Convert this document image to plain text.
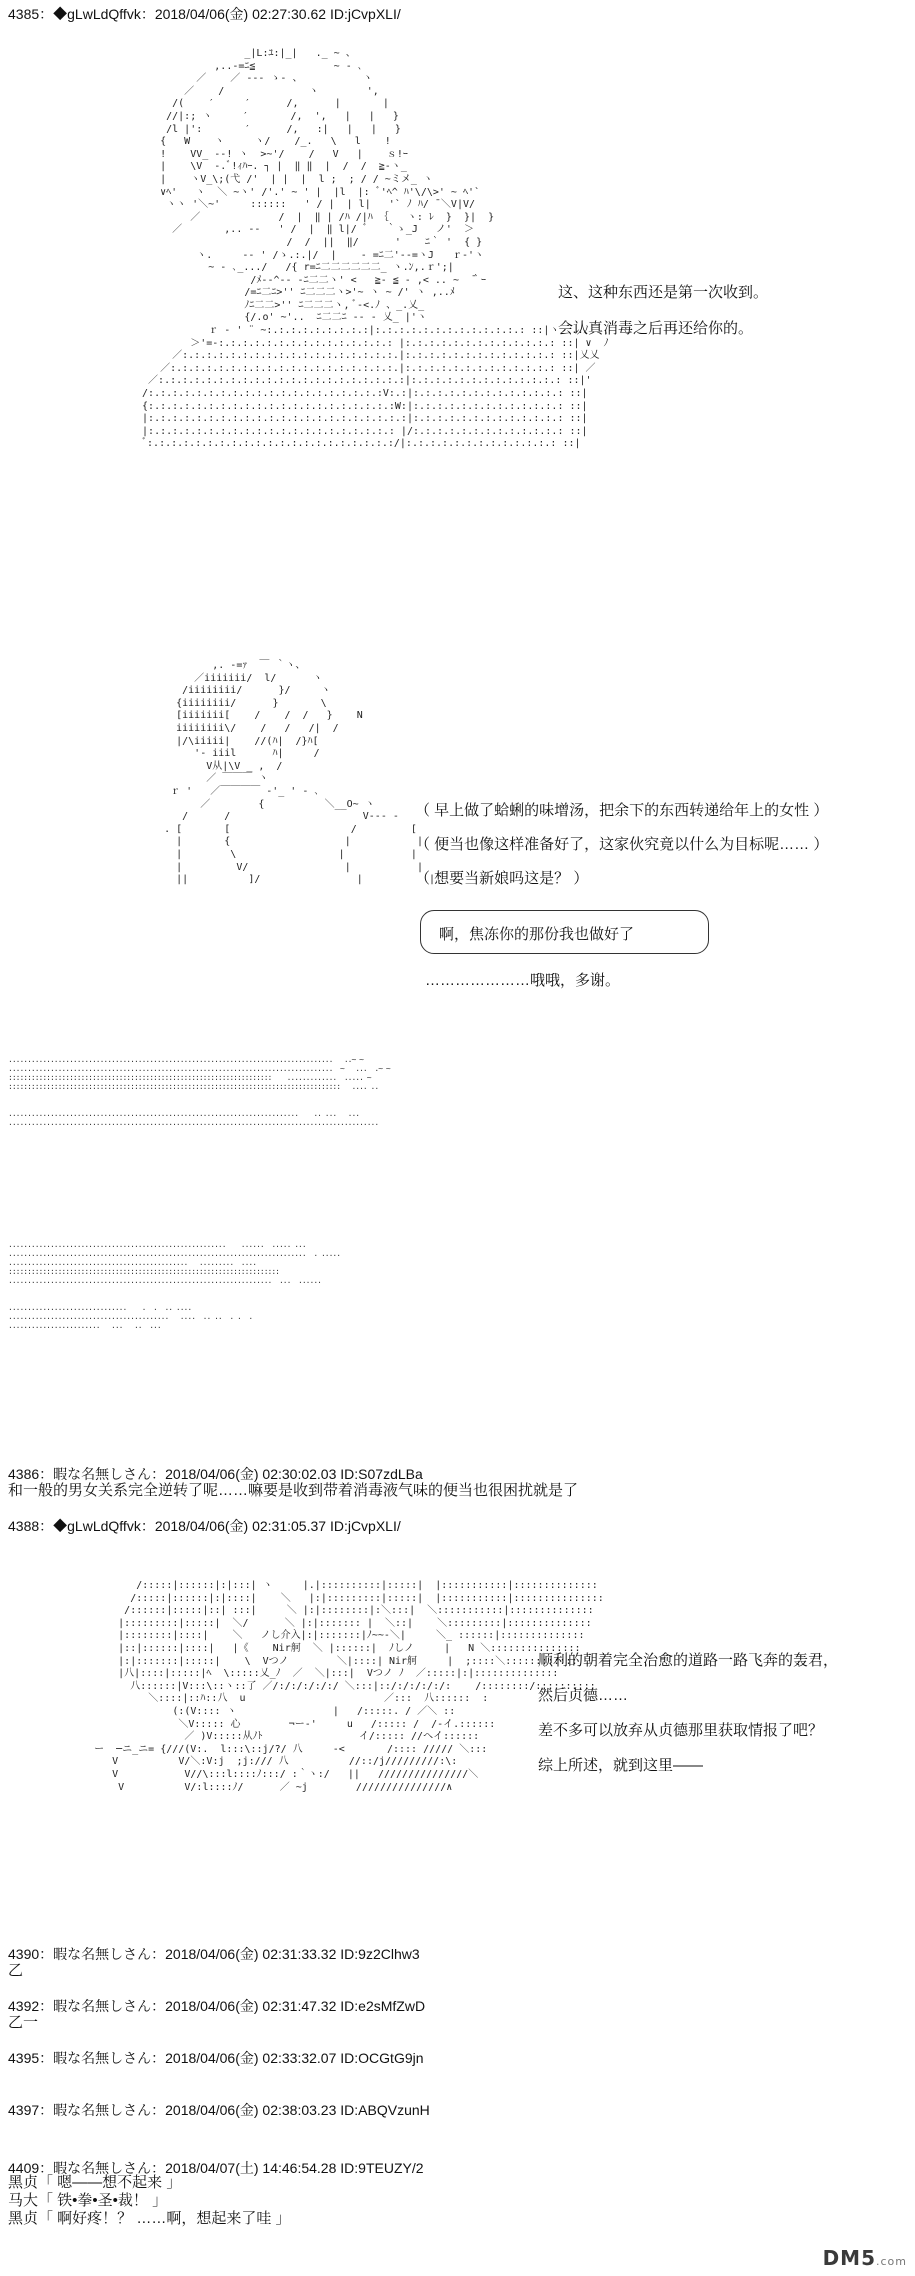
4385：◆gLwLdQffvk：2018/04/06(金) 02:27:30.62 ID:jCvpXLI/
_|L:ﾕ:|_|   ._ ~ 、
,..-=ﾆ≦             ~ ‐ ､
／    ／ ‐-‐ ゝ‐ 、          ヽ
／    /              ヽ        ',
/(    ′     ′      /,      |       |
//|:; ヽ     ′       /,  ',   |   |   }
/l |':       ′      /,   :|   |   |   }
{   W    ヽ     ヽ/    /_.   \   l    !
!    VV_ -‐! ヽ  >~'/    /   V   |    ｓ!ｰ
|    \V  ‐.ﾞ!ｨﾊｰ. ┐ |  ‖ ‖  |  /  /  ≧-ヽ_
|    ヽV_\;(弋 /'  | |  |  l ;  ; / / ~ミメ_ ヽ
∨ﾍ'   ヽ  ＼ ~ヽ' /'.' ~ ' |  |l  |: ﾞ'ﾍ^ ﾊ'\/\>' ~ ﾍ'`
ヽヽ '＼~'     ::::::   ' / |  | l|   '` ﾉ ﾊ/ ̄ ＼V|V/
／             /  |  ‖ | /ﾊ /|ﾊ ｛   ヽ: ﾚ  }  }|  }
／       ,.. -‐   ' /  |  ‖ l|/ ﾞ   ｀ゝ_J   ノ'  ＞
/  /  ||  ‖/      '    ﾆ｀ '  { }
ヽ.     -‐ ' /ゝ.:.|/  |    ‐ =ﾆ二'‐-=ヽJ   ｒ-'ヽ
~ ‐ ､_.../   /{ r=ﾆ二二二二二二_ ヽ.ﾝ,.ｒ';|
/ﾒ--^‐- -ﾆ二二ヽ' <   ≧- ≦ - ,< .. ~  ̄｀ｰ
/=ﾆ二ﾆ>'' ﾆ二二二ヽ>'~ ヽ ~ /' ヽ ,..ﾒ
ﾉﾆ二二>'' ﾆ二二二ヽ, ﾞ‐<.ﾉ 、_.乂_
{/.o' ~'..  ﾆ二二ﾆ -- - 乂_ |'ヽ
ｒ ‐ ' ¨ ~:.:.:.:.:.:.:.:.:|:.:.:.:.:.:.:.:.:.:.:.:.: ::|ヽ  ..ﾉ
＞'=-:.:.:.:.:.:.:.:.:.:.:.:.:.:.: |:.:.:.:.:.:.:.:.:.:.:.:.: ::| ∨  ﾉ
／:.:.:.:.:.:.:.:.:.:.:.:.:.:.:.:.:.:.|:.:.:.:.:.:.:.:.:.:.:.:.: ::|乂乂
／:.:.:.:.:.:.:.:.:.:.:.:.:.:.:.:.:.:.:.|:.:.:.:.:.:.:.:.:.:.:.:.: ::| ／
／:.:.:.:.:.:.:.:.:.:.:.:.:.:.:.:.:.:.:.:.:|:.:.:.:.:.:.:.:.:.:.:.:.: ::|'
/:.:.:.:.:.:.:.:.:.:.:.:.:.:.:.:.:.:.:.:V:.:|:.:.:.:.:.:.:.:.:.:.:.:.: ::|
{:.:.:.:.:.:.:.:.:.:.:.:.:.:.:.:.:.:.:.:.:W:|:.:.:.:.:.:.:.:.:.:.:.:.: ::|
|:.:.:.:.:.:.:.:.:.:.:.:.:.:.:.:.:.:.:.:.:.:|:.:.:.:.:.:.:.:.:.:.:.:.: ::|
|:.:.:.:.:.:.:.:.:.:.:.:.:.:.:.:.:.:.:.:.: |/:.:.:.:.:.:.:.:.:.:.:.:.: ::|
ﾞ:.:.:.:.:.:.:.:.:.:.:.:.:.:.:.:.:.:.:.:.:/|:.:.:.:.:.:.:.:.:.:.:.:.: ::|
这、这种东西还是第一次收到。
会认真消毒之后再还给你的。
,. -=ｧ  ￣ ｀ヽ、
／iiiiiii/  l/      ヽ
/iiiiiiii/      }/     ヽ
{iiiiiiii/      }       \
[iiiiiii[    /    /  /   }    N
iiiiiiii\/    /   /   /|  /
|/\iiiii|    //(ﾊ|  /}ﾊ[
'- iiil      ﾊ|     /
V从|\V _ ,  /
／ ￣￣￣ ヽ
ｒ '   ／￣￣￣￣ ‐'_ ' ‐ ､
／        {          ＼__O~ ヽ
/      /                      V‐‐‐ ‐
. [       [                    /         [
|       {                   |           |
|        \                 |           |
|         V/                |           |
||          ]/                |           |
（ 早上做了蛤蜊的味增汤，把余下的东西转递给年上的女性 ）
（ 便当也像这样准备好了，这家伙究竟以什么为目标呢…… ）
（ 想要当新娘吗这是？ ）
啊，焦冻你的那份我也做好了
…………………哦哦，多谢。
.....................................................................................   ..~ ~
.....................................................................................  ~   ...  .~ ~
:::::::::::::::::::::::::::::::::::::::::::::::::::::::::::::::::::::    .............  ..... ~
:::::::::::::::::::::::::::::::::::::::::::::::::::::::::::::::::::::::::::::::::::::::   .... ..

............................................................................    .. ...   ...
.................................................................................................
.........................................................    ......  ..... ...
..............................................................................  . .....
...............................................   .........  ....
:::::::::::::::::::::::::::::::::::::::::::::::::::::::::::::::::::::::
.....................................................................  ...  ......

...............................    .  .  .. ....
..........................................   ....  .. ..  . .  .
........................   ...   ..  ...
4386：暇な名無しさん：2018/04/06(金) 02:30:02.03 ID:S07zdLBa
和一般的男女关系完全逆转了呢……嘛要是收到带着消毒液气味的便当也很困扰就是了
4388：◆gLwLdQffvk：2018/04/06(金) 02:31:05.37 ID:jCvpXLI/
/:::::|::::::|:|:::| ヽ     |.|::::::::::|:::::|  |:::::::::::|::::::::::::::
/:::::|::::::|:|::::|    ＼   |:|:::::::::|:::::|  |:::::::::::|:::::::::::::::
/::::::|:::::|::| :::|     ＼ |:|::::::::|:＼:::|  ＼:::::::::::|::::::::::::::
|:::::::::|:::::|  ＼/      ＼ |:|::::::: |  ＼::|    ＼:::::::::|::::::::::::::
|::::::::|::::|    ＼   ノし介入|:|:::::::|ﾉ~~‐＼|     ＼_ ::::::|::::::::::::::
|::|::::::|::::|   |《    Nir舸  ＼ |::::::|  ﾉしノ     |   N ＼:::::::::::::::
|:|:::::::|:::::|    \  Vつノ        ＼|::::| Nir舸     |  ;::::＼::::::::::::
|八|::::|:::::|ﾍ  \:::::乂_ﾉ  ／  ＼|:::|  Vつノ ﾉ  ／:::::|:|::::::::::::::
八::::::|V:::\::ヽ::了 ／/:/:/:/:/:/ ＼:::|::/:/:/:/:/:    /::::::::/::::::::::
＼::::|::ﾊ::八  u                       ／:::  八::::::  :
(:(V:::: ヽ                |   /:::::. / ／＼ ::
＼V::::: 心        ¬ー-'     u   /::::: /  /-イ.::::::
／ )V:::::从ﾉﾄ                イ/::::: //へイ::::::
ー  ─ニ_ニ= {///(V:.  l:::\::j/?/ 八     -<       /:::: ///// ＼:::
V          V/＼:V:j  ;j:/// 八          //::/j/////////:\:
V           V//\:::l::::ﾉ:::/ :｀ヽ:/   ||   ///////////////＼
V          V/:l::::ﾉ/      ／ ~j        ///////////////∧
顺利的朝着完全治愈的道路一路飞奔的轰君，
然后贞德……
差不多可以放弃从贞德那里获取情报了吧？
综上所述，就到这里——
4390：暇な名無しさん：2018/04/06(金) 02:31:33.32 ID:9z2Clhw3
乙
4392：暇な名無しさん：2018/04/06(金) 02:31:47.32 ID:e2sMfZwD
乙一
4395：暇な名無しさん：2018/04/06(金) 02:33:32.07 ID:OCGtG9jn
4397：暇な名無しさん：2018/04/06(金) 02:38:03.23 ID:ABQVzunH
4409：暇な名無しさん：2018/04/07(土) 14:46:54.28 ID:9TEUZY/2
黑贞「 嗯——想不起来 」
马大「 铁•拳•圣•裁！ 」
黑贞「 啊好疼！？ ……啊，想起来了哇 」
DM5.com
